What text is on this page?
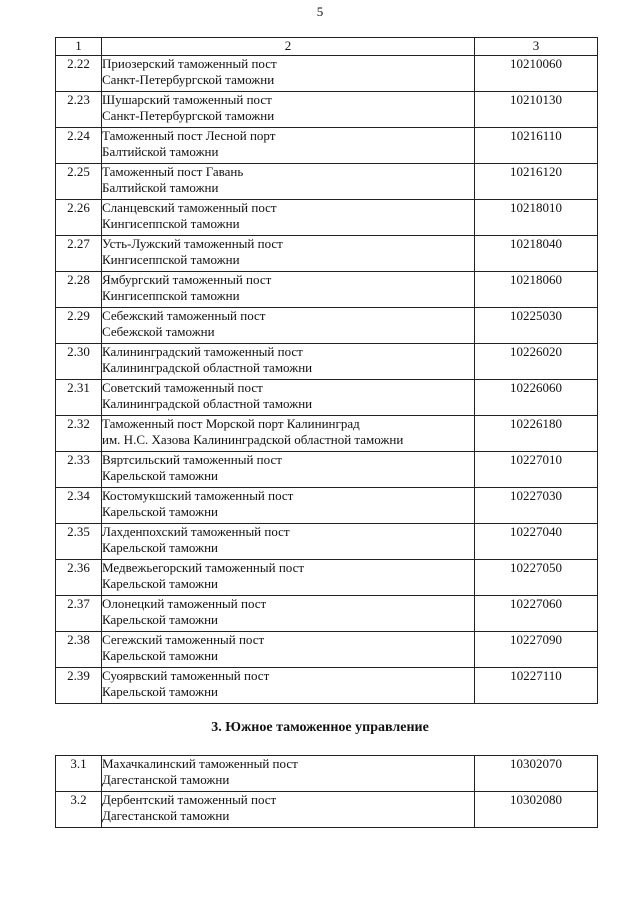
5
1	2	3
2.22	Приозерский таможенный пост
Санкт-Петербургской таможни	10210060
2.23	Шушарский таможенный пост
Санкт-Петербургской таможни	10210130
2.24	Таможенный пост Лесной порт
Балтийской таможни	10216110
2.25	Таможенный пост Гавань
Балтийской таможни	10216120
2.26	Сланцевский таможенный пост
Кингисеппской таможни	10218010
2.27	Усть-Лужский таможенный пост
Кингисеппской таможни	10218040
2.28	Ямбургский таможенный пост
Кингисеппской таможни	10218060
2.29	Себежский таможенный пост
Себежской таможни	10225030
2.30	Калининградский таможенный пост
Калининградской областной таможни	10226020
2.31	Советский таможенный пост
Калининградской областной таможни	10226060
2.32	Таможенный пост Морской порт Калининград
им. Н.С. Хазова Калининградской областной таможни	10226180
2.33	Вяртсильский таможенный пост
Карельской таможни	10227010
2.34	Костомукшский таможенный пост
Карельской таможни	10227030
2.35	Лахденпохский таможенный пост
Карельской таможни	10227040
2.36	Медвежьегорский таможенный пост
Карельской таможни	10227050
2.37	Олонецкий таможенный пост
Карельской таможни	10227060
2.38	Сегежский таможенный пост
Карельской таможни	10227090
2.39	Суоярвский таможенный пост
Карельской таможни	10227110
3. Южное таможенное управление
3.1	Махачкалинский таможенный пост
Дагестанской таможни	10302070
3.2	Дербентский таможенный пост
Дагестанской таможни	10302080
